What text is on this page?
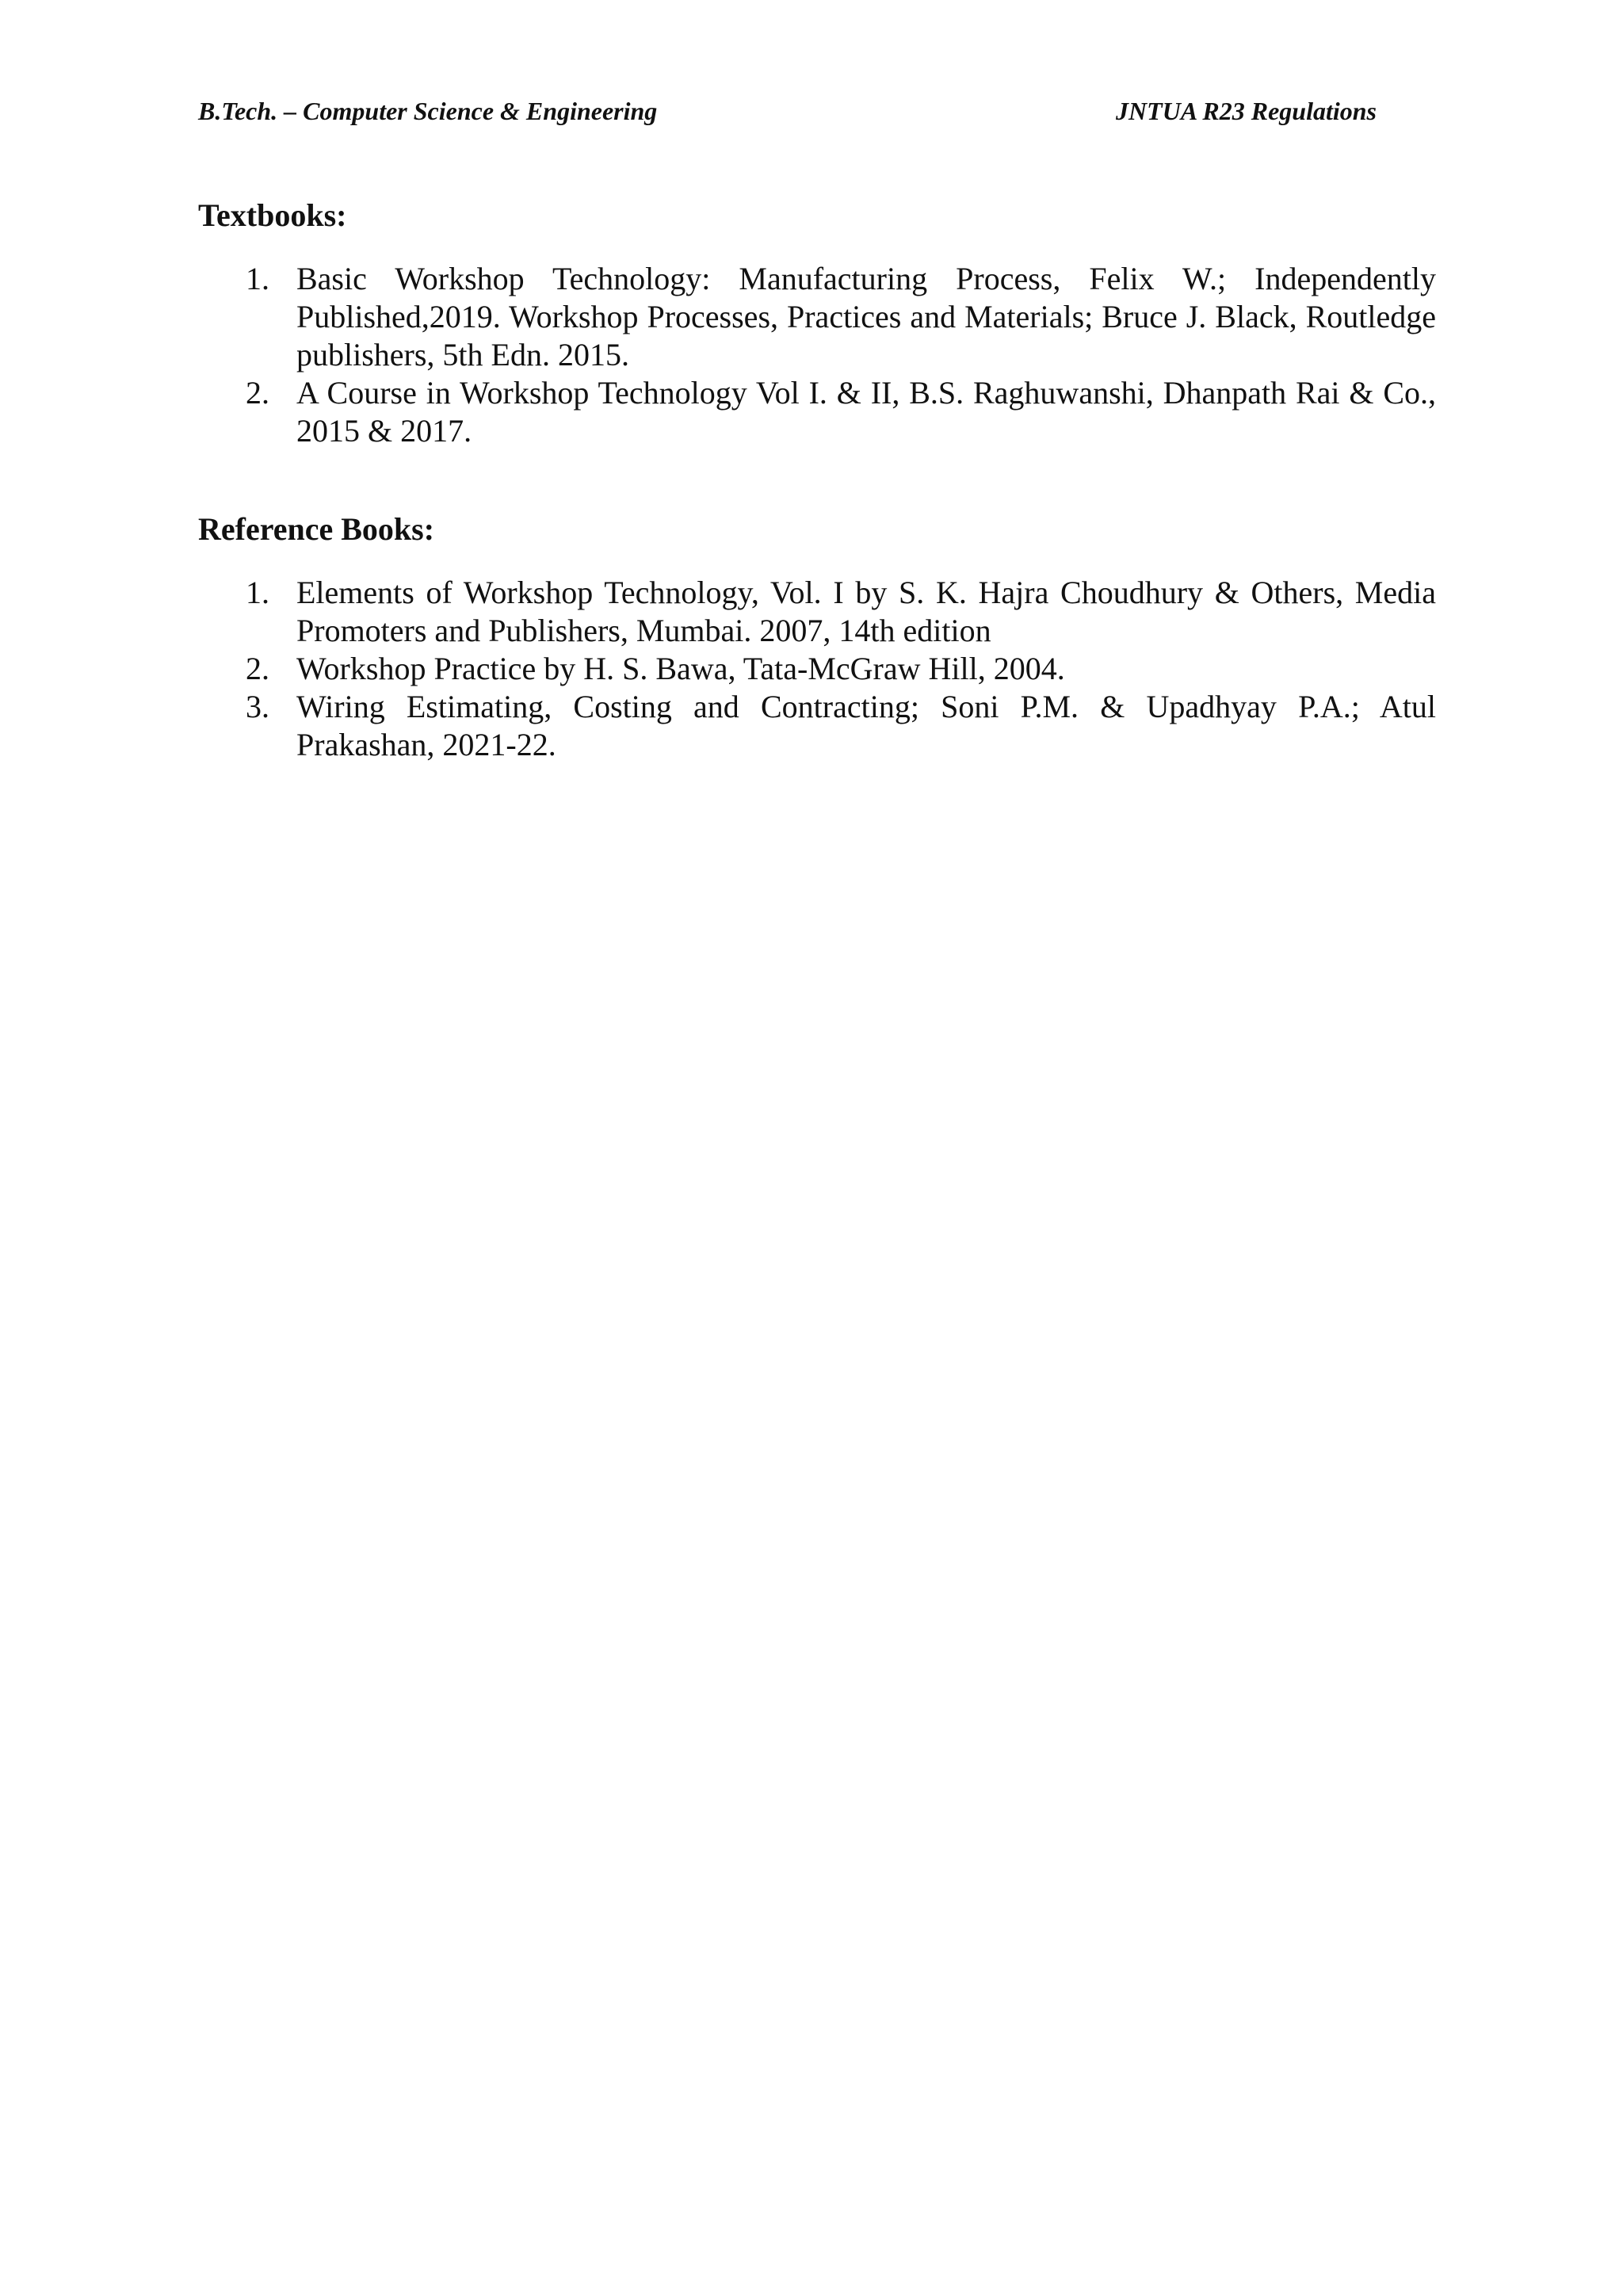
B.Tech. – Computer Science & Engineering	JNTUA R23 Regulations
Textbooks:
1. Basic Workshop Technology: Manufacturing Process, Felix W.; Independently Published,2019. Workshop Processes, Practices and Materials; Bruce J. Black, Routledge publishers, 5th Edn. 2015.
2. A Course in Workshop Technology Vol I. & II, B.S. Raghuwanshi, Dhanpath Rai & Co., 2015 & 2017.
Reference Books:
1. Elements of Workshop Technology, Vol. I by S. K. Hajra Choudhury & Others, Media Promoters and Publishers, Mumbai. 2007, 14th edition
2. Workshop Practice by H. S. Bawa, Tata-McGraw Hill, 2004.
3. Wiring Estimating, Costing and Contracting; Soni P.M. & Upadhyay P.A.; Atul Prakashan, 2021-22.
